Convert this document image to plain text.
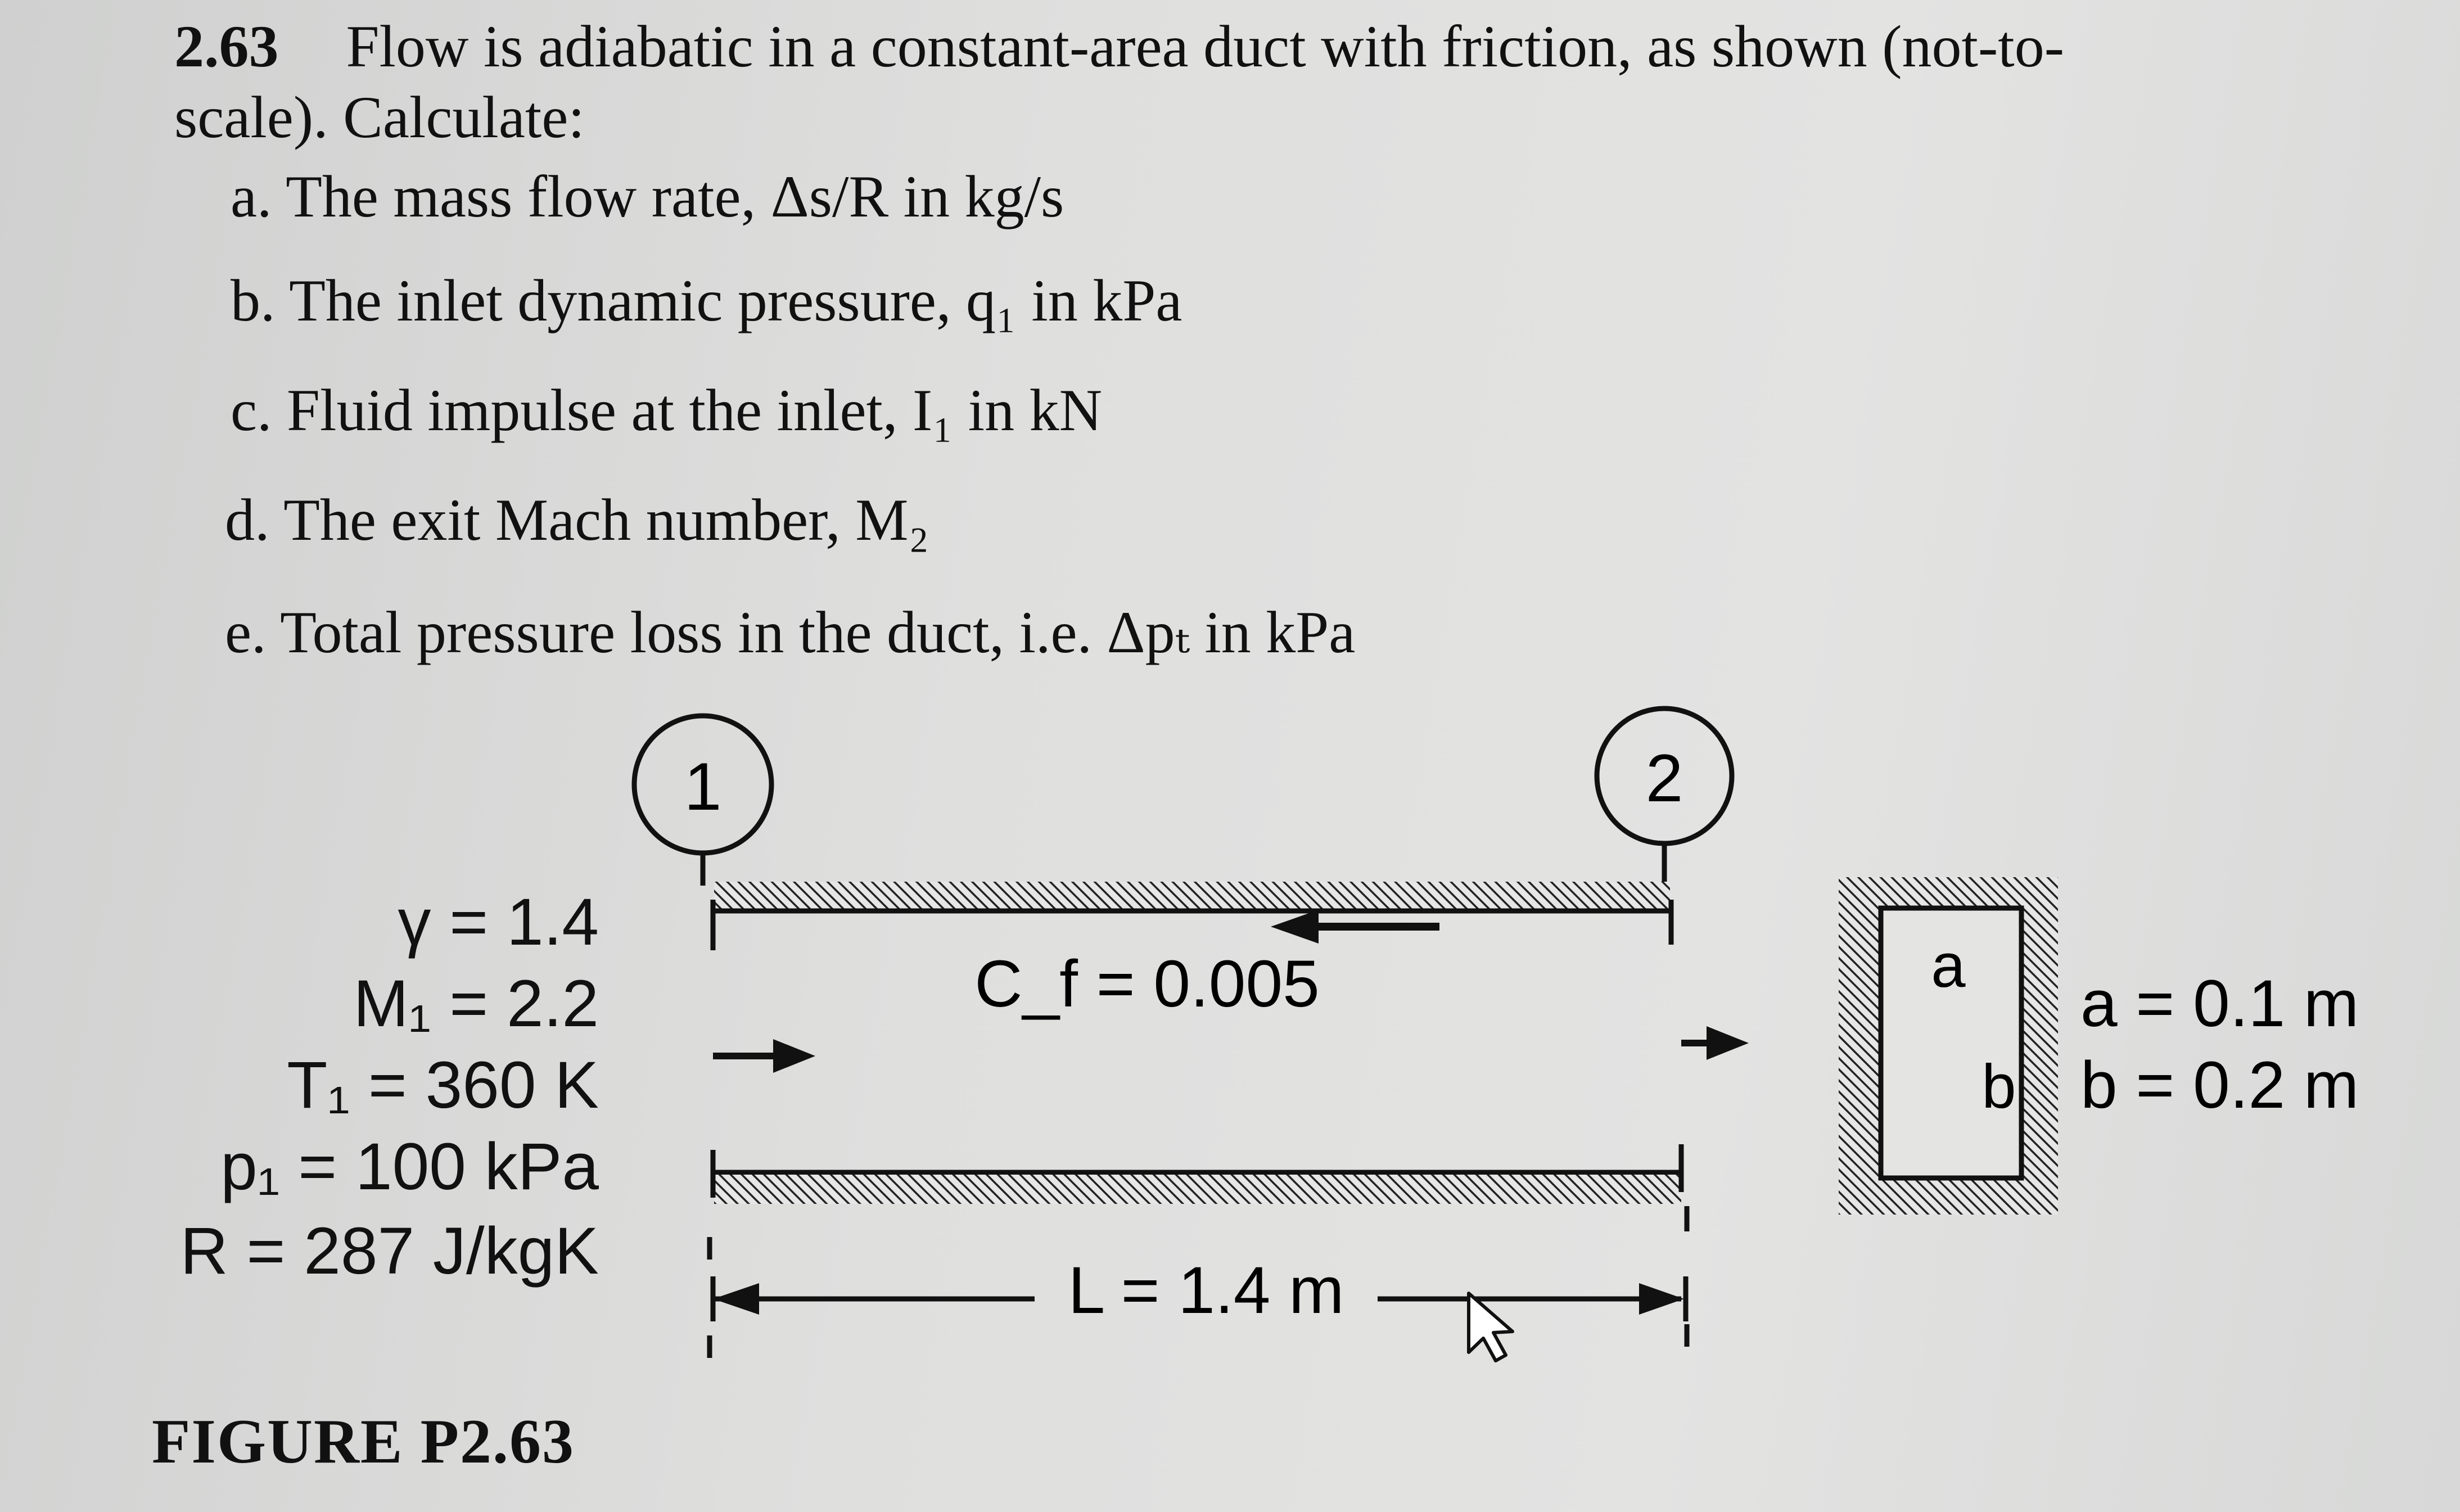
2.63 Flow is adiabatic in a constant-area duct with friction, as shown (not-to-
scale). Calculate:
a. The mass flow rate, Δs/R in kg/s
b. The inlet dynamic pressure, q₁ in kPa
c. Fluid impulse at the inlet, I₁ in kN
d. The exit Mach number, M₂
e. Total pressure loss in the duct, i.e. Δpₜ in kPa
γ = 1.4
M₁ = 2.2
T₁ = 360 K
p₁ = 100 kPa
R = 287 J/kgK
1	2
C_f = 0.005
L = 1.4 m
a
b
a = 0.1 m
b = 0.2 m
FIGURE P2.63
